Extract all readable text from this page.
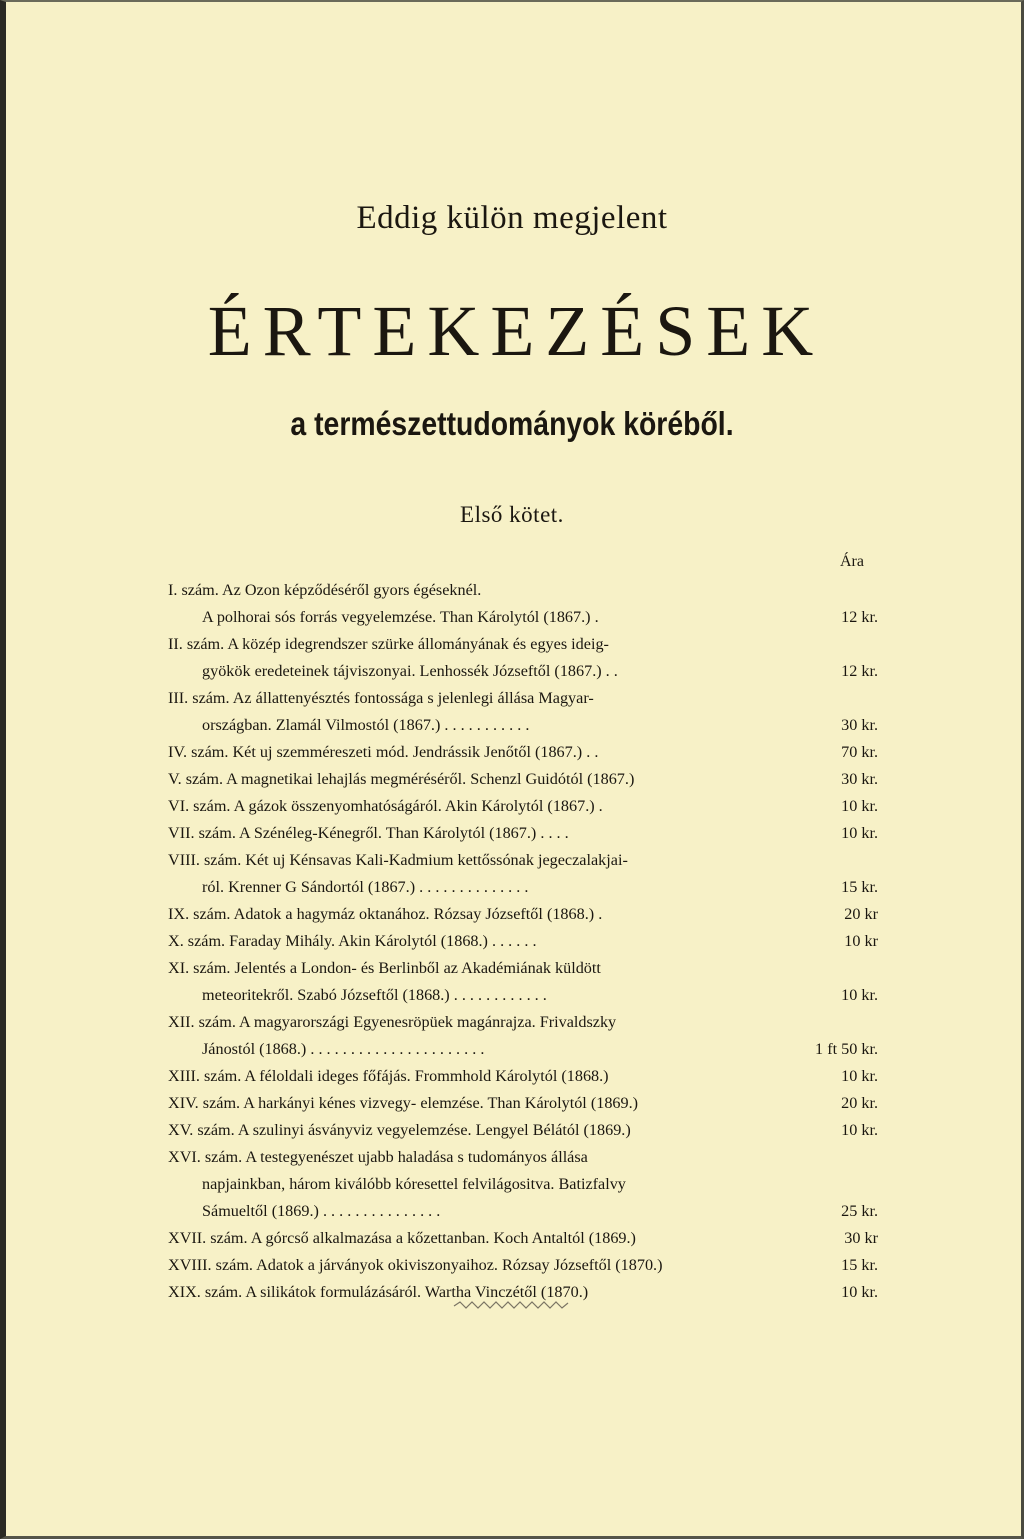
Eddig külön megjelent
ÉRTEKEZÉSEK
a természettudományok köréből.
Első kötet.
Ára
I. szám. Az Ozon képződéséről gyors égéseknél.
A polhorai sós forrás vegyelemzése. Than Károlytól (1867.) .	12 kr.
II. szám. A közép idegrendszer szürke állományának és egyes ideig-
gyökök eredeteinek tájviszonyai. Lenhossék Józseftől (1867.) . .	12 kr.
III. szám. Az állattenyésztés fontossága s jelenlegi állása Magyar-
országban. Zlamál Vilmostól (1867.) . . . . . . . . . . .	30 kr.
IV. szám. Két uj szemméreszeti mód. Jendrássik Jenőtől (1867.) . .	70 kr.
V. szám. A magnetikai lehajlás megméréséről. Schenzl Guidótól (1867.)	30 kr.
VI. szám. A gázok összenyomhatóságáról. Akin Károlytól (1867.) .	10 kr.
VII. szám. A Szénéleg-Kénegről. Than Károlytól (1867.) . . . .	10 kr.
VIII. szám. Két uj Kénsavas Kali-Kadmium kettőssónak jegeczalakjai-
ról. Krenner G Sándortól (1867.) . . . . . . . . . . . . . .	15 kr.
IX. szám. Adatok a hagymáz oktanához. Rózsay Józseftől (1868.) .	20 kr
X. szám. Faraday Mihály. Akin Károlytól (1868.) . . . . . .	10 kr
XI. szám. Jelentés a London- és Berlinből az Akadémiának küldött
meteoritekről. Szabó Józseftől (1868.) . . . . . . . . . . . .	10 kr.
XII. szám. A magyarországi Egyenesröpüek magánrajza. Frivaldszky
Jánostól (1868.) . . . . . . . . . . . . . . . . . . . . . .	1 ft 50 kr.
XIII. szám. A féloldali ideges főfájás. Frommhold Károlytól (1868.)	10 kr.
XIV. szám. A harkányi kénes vizvegy- elemzése. Than Károlytól (1869.)	20 kr.
XV. szám. A szulinyi ásványviz vegyelemzése. Lengyel Bélától (1869.)	10 kr.
XVI. szám. A testegyenészet ujabb haladása s tudományos állása
napjainkban, három kiválóbb kóresettel felvilágositva. Batizfalvy
Sámueltől (1869.) . . . . . . . . . . . . . . .	25 kr.
XVII. szám. A górcső alkalmazása a kőzettanban. Koch Antaltól (1869.)	30 kr
XVIII. szám. Adatok a járványok okiviszonyaihoz. Rózsay Józseftől (1870.)	15 kr.
XIX. szám. A silikátok formulázásáról. Wartha Vinczétől (1870.)	10 kr.
